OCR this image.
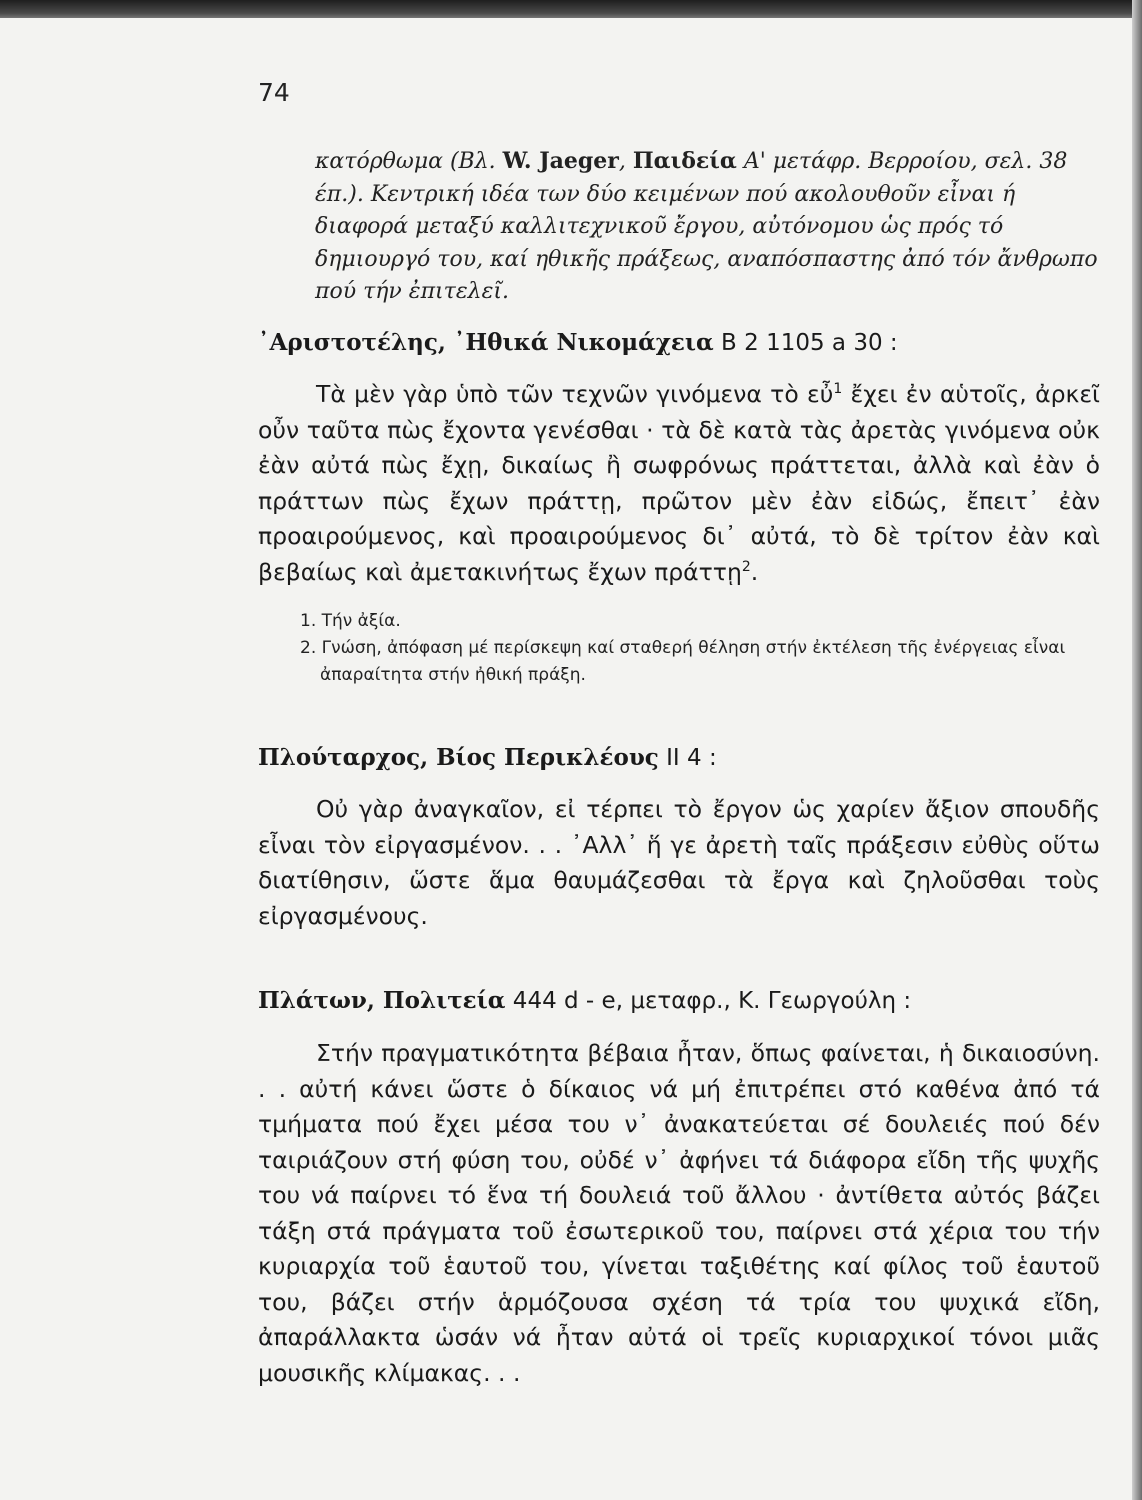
74
κατόρθωμα (Βλ. W. Jaeger, Παιδεία Α' μετάφρ. Βερροίου, σελ. 38 έπ.). Κεντρική ιδέα των δύο κειμένων πού ακολουθοῦν εἶναι ή διαφορά μεταξύ καλλιτεχνικοῦ ἔργου, αὐτόνομου ὡς πρός τό δημιουργό του, καί ηθικῆς πράξεως, αναπόσπαστης ἀπό τόν ἄνθρωπο πού τήν ἐπιτελεῖ.
᾿Αριστοτέλης, ᾿Ηθικά Νικομάχεια Β 2 1105 a 30 :

Τὰ μὲν γὰρ ὑπὸ τῶν τεχνῶν γινόμενα τὸ εὖ$^1$ ἔχει ἐν αὑτοῖς, ἀρκεῖ οὖν ταῦτα πὼς ἔχοντα γενέσθαι · τὰ δὲ κατὰ τὰς ἀρετὰς γινόμενα οὐκ ἐὰν αὐτά πὼς ἔχῃ, δικαίως ἢ σωφρόνως πράττεται, ἀλλὰ καὶ ἐὰν ὁ πράττων πὼς ἔχων πράττῃ, πρῶτον μὲν ἐὰν εἰδώς, ἔπειτ᾿ ἐὰν προαιρούμενος, καὶ προαιρούμενος δι᾿ αὐτά, τὸ δὲ τρίτον ἐὰν καὶ βεβαίως καὶ ἀμετακινήτως ἔχων πράττῃ$^2$.

1. Τήν ἀξία.
2. Γνώση, ἀπόφαση μέ περίσκεψη καί σταθερή θέληση στήν ἐκτέλεση τῆς ἐνέργειας εἶναι ἀπαραίτητα στήν ἠθική πράξη.
Πλούταρχος, Βίος Περικλέους II 4 :

Οὐ γὰρ ἀναγκαῖον, εἰ τέρπει τὸ ἔργον ὡς χαρίεν ἄξιον σπουδῆς εἶναι τὸν εἰργασμένον. . . ᾿Αλλ᾿ ἥ γε ἀρετὴ ταῖς πράξεσιν εὐθὺς οὕτω διατίθησιν, ὥστε ἅμα θαυμάζεσθαι τὰ ἔργα καὶ ζηλοῦσθαι τοὺς εἰργασμένους.

Πλάτων, Πολιτεία 444 d - e, μεταφρ., Κ. Γεωργούλη :

Στήν πραγματικότητα βέβαια ἦταν, ὅπως φαίνεται, ἡ δικαιοσύνη. . . αὐτή κάνει ὥστε ὁ δίκαιος νά μή ἐπιτρέπει στό καθένα ἀπό τά τμήματα πού ἔχει μέσα του ν᾿ ἀνακατεύεται σέ δουλειές πού δέν ταιριάζουν στή φύση του, οὐδέ ν᾿ ἀφήνει τά διάφορα εἴδη τῆς ψυχῆς του νά παίρνει τό ἕνα τή δουλειά τοῦ ἄλλου · ἀντίθετα αὐτός βάζει τάξη στά πράγματα τοῦ ἐσωτερικοῦ του, παίρνει στά χέρια του τήν κυριαρχία τοῦ ἑαυτοῦ του, γίνεται ταξιθέτης καί φίλος τοῦ ἑαυτοῦ του, βάζει στήν ἁρμόζουσα σχέση τά τρία του ψυχικά εἴδη, ἀπαράλλακτα ὡσάν νά ἦταν αὐτά οἱ τρεῖς κυριαρχικοί τόνοι μιᾶς μουσικῆς κλίμακας. . .
